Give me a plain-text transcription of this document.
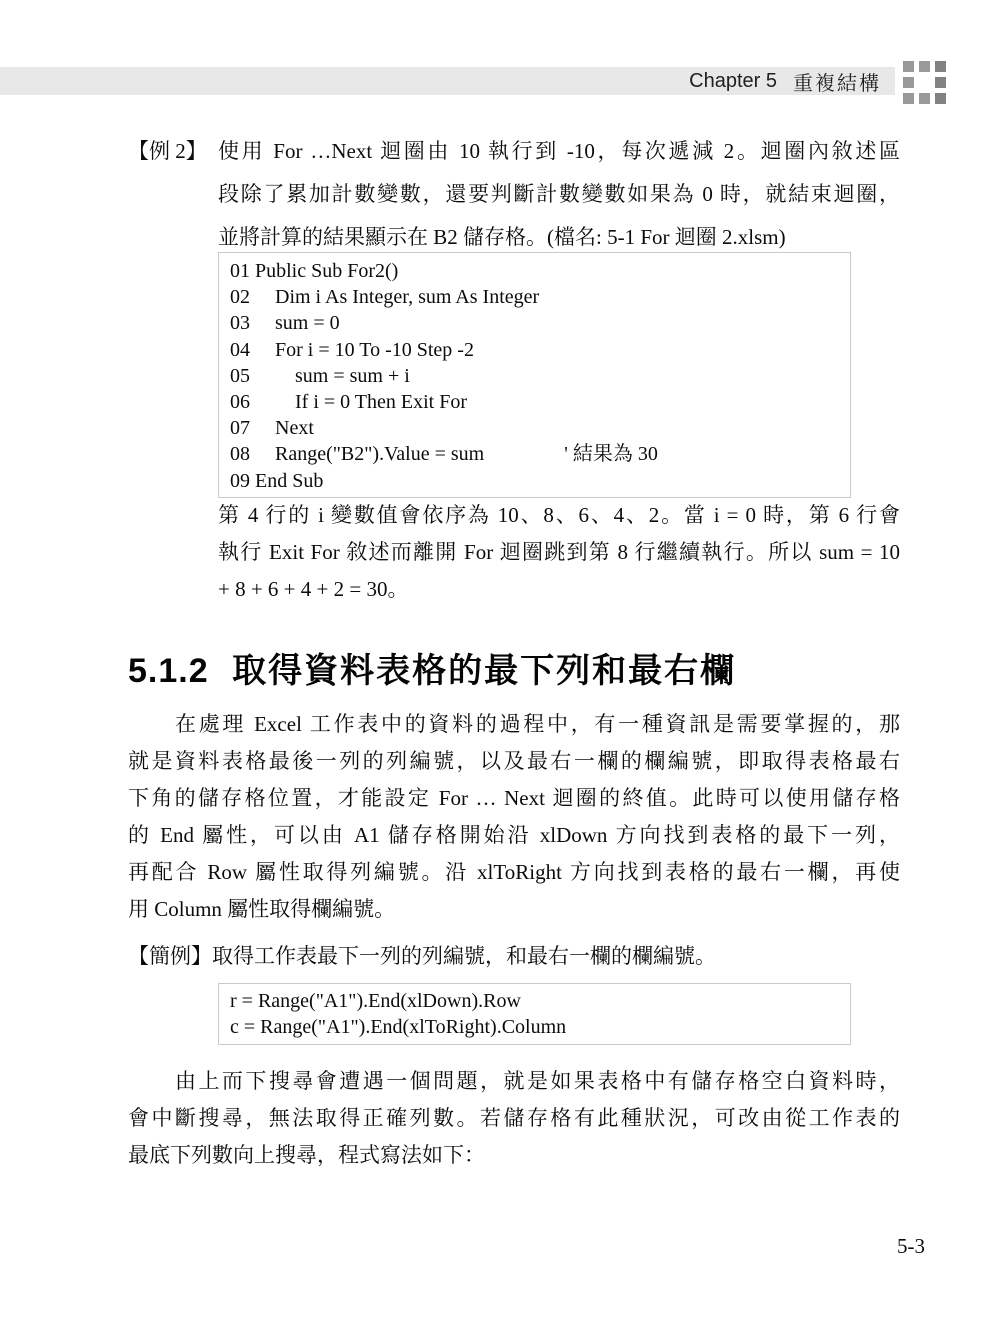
Chapter 5 重複結構
【例 2】 使用 For …Next 迴圈由 10 執行到 -10，每次遞減 2。迴圈內敘述區
段除了累加計數變數，還要判斷計數變數如果為 0 時，就結束迴圈，
並將計算的結果顯示在 B2 儲存格。(檔名: 5-1 For 迴圈 2.xlsm)
01 Public Sub For2()
02     Dim i As Integer, sum As Integer
03     sum = 0
04     For i = 10 To -10 Step -2
05         sum = sum + i
06         If i = 0 Then Exit For
07     Next
08     Range("B2").Value = sum                ' 結果為 30
09 End Sub
第 4 行的 i 變數值會依序為 10、8、6、4、2。當 i = 0 時，第 6 行會
執行 Exit For 敘述而離開 For 迴圈跳到第 8 行繼續執行。所以 sum = 10
+ 8 + 6 + 4 + 2 = 30。
5.1.2 取得資料表格的最下列和最右欄
在處理 Excel 工作表中的資料的過程中，有一種資訊是需要掌握的，那
就是資料表格最後一列的列編號，以及最右一欄的欄編號，即取得表格最右
下角的儲存格位置，才能設定 For … Next 迴圈的終值。此時可以使用儲存格
的 End 屬性，可以由 A1 儲存格開始沿 xlDown 方向找到表格的最下一列，
再配合 Row 屬性取得列編號。沿 xlToRight 方向找到表格的最右一欄，再使
用 Column 屬性取得欄編號。
【簡例】取得工作表最下一列的列編號，和最右一欄的欄編號。
r = Range("A1").End(xlDown).Row
c = Range("A1").End(xlToRight).Column
由上而下搜尋會遭遇一個問題，就是如果表格中有儲存格空白資料時，
會中斷搜尋，無法取得正確列數。若儲存格有此種狀況，可改由從工作表的
最底下列數向上搜尋，程式寫法如下：
5-3
